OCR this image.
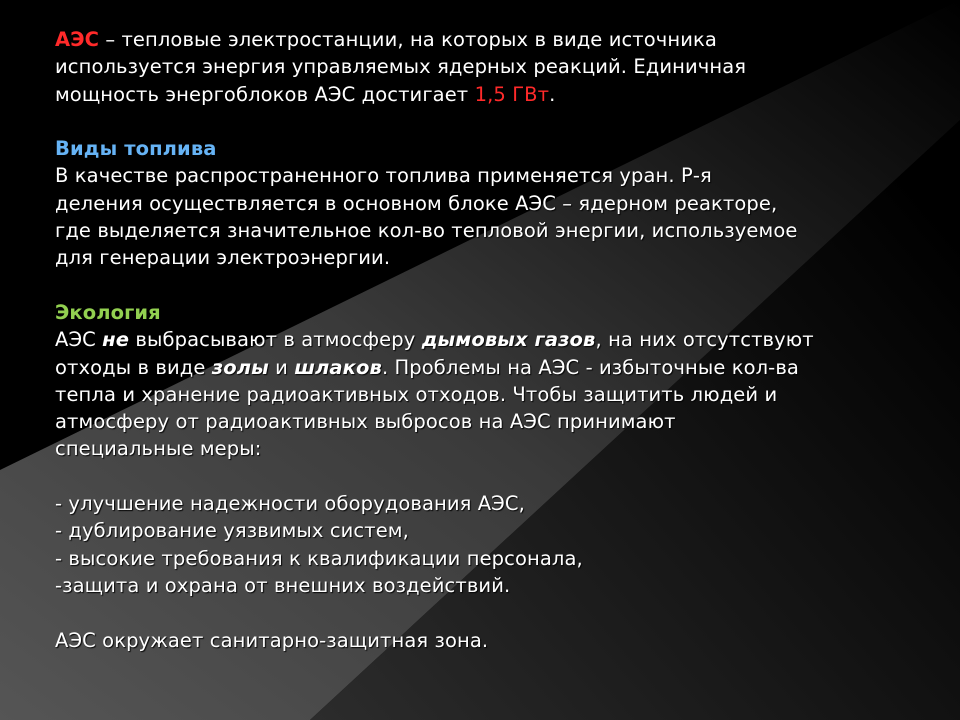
АЭС – тепловые электростанции, на которых в виде источника

используется энергия управляемых ядерных реакций. Единичная

мощность энергоблоков АЭС достигает 1,5 ГВт.

Виды топлива

В качестве распространенного топлива применяется уран. Р-я

деления осуществляется в основном блоке АЭС – ядерном реакторе,

где выделяется значительное кол-во тепловой энергии, используемое

для генерации электроэнергии.

Экология

АЭС не выбрасывают в атмосферу дымовых газов, на них отсутствуют

отходы в виде золы и шлаков. Проблемы на АЭС - избыточные кол-ва

тепла и хранение радиоактивных отходов. Чтобы защитить людей и

атмосферу от радиоактивных выбросов на АЭС принимают

специальные меры:

- улучшение надежности оборудования АЭС,

- дублирование уязвимых систем,

- высокие требования к квалификации персонала,

-защита и охрана от внешних воздействий.

АЭС окружает санитарно-защитная зона.
